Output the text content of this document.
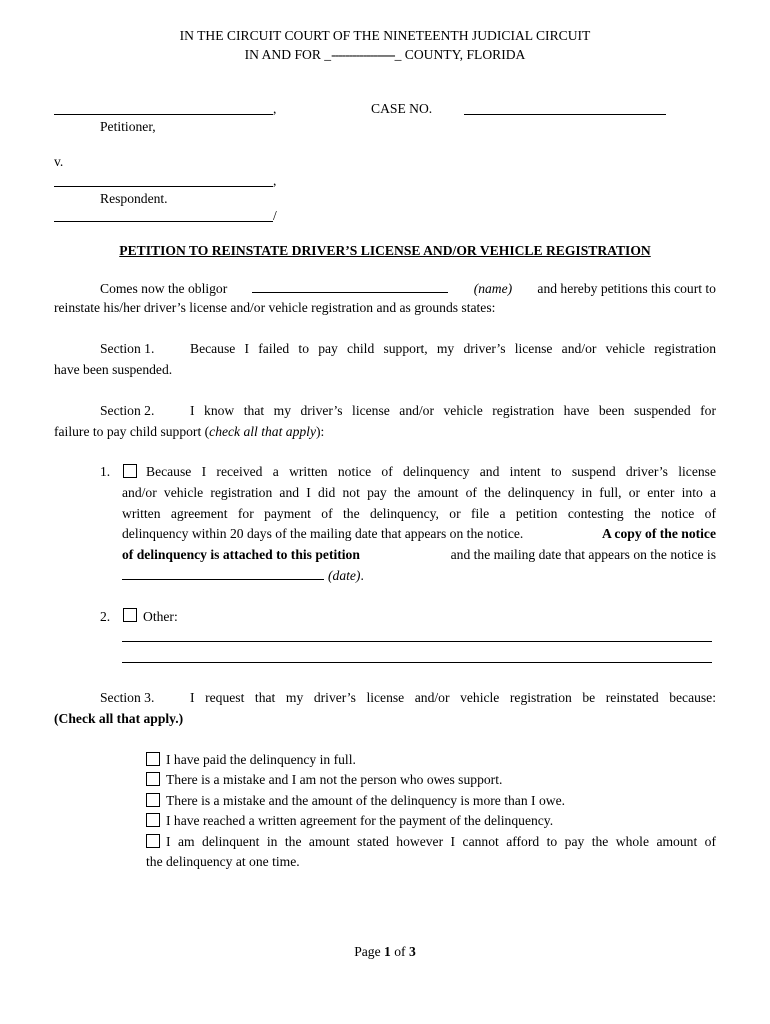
IN THE CIRCUIT COURT OF THE NINETEENTH JUDICIAL CIRCUIT
IN AND FOR _------------------_ COUNTY, FLORIDA
,
Petitioner,
CASE NO.
v.
,
Respondent.
/
PETITION TO REINSTATE DRIVER’S LICENSE AND/OR VEHICLE REGISTRATION
Comes now the obligor	(name) and hereby petitions this court to
reinstate his/her driver’s license and/or vehicle registration and as grounds states:
Section 1.	Because I failed to pay child support, my driver’s license and/or vehicle registration
have been suspended.
Section 2.	I know that my driver’s license and/or vehicle registration have been suspended for
failure to pay child support (check all that apply):
1.	Because I received a written notice of delinquency and intent to suspend driver’s license
and/or vehicle registration and I did not pay the amount of the delinquency in full, or enter into a
written agreement for payment of the delinquency, or file a petition contesting the notice of
delinquency within 20 days of the mailing date that appears on the notice.	A copy of the notice
of delinquency is attached to this petition	and the mailing date that appears on the notice is
(date).
2. Other:
Section 3.	I request that my driver’s license and/or vehicle registration be reinstated because:
(Check all that apply.)
I have paid the delinquency in full.
There is a mistake and I am not the person who owes support.
There is a mistake and the amount of the delinquency is more than I owe.
I have reached a written agreement for the payment of the delinquency.
I am delinquent in the amount stated however I cannot afford to pay the whole amount of
the delinquency at one time.
Page 1 of 3
